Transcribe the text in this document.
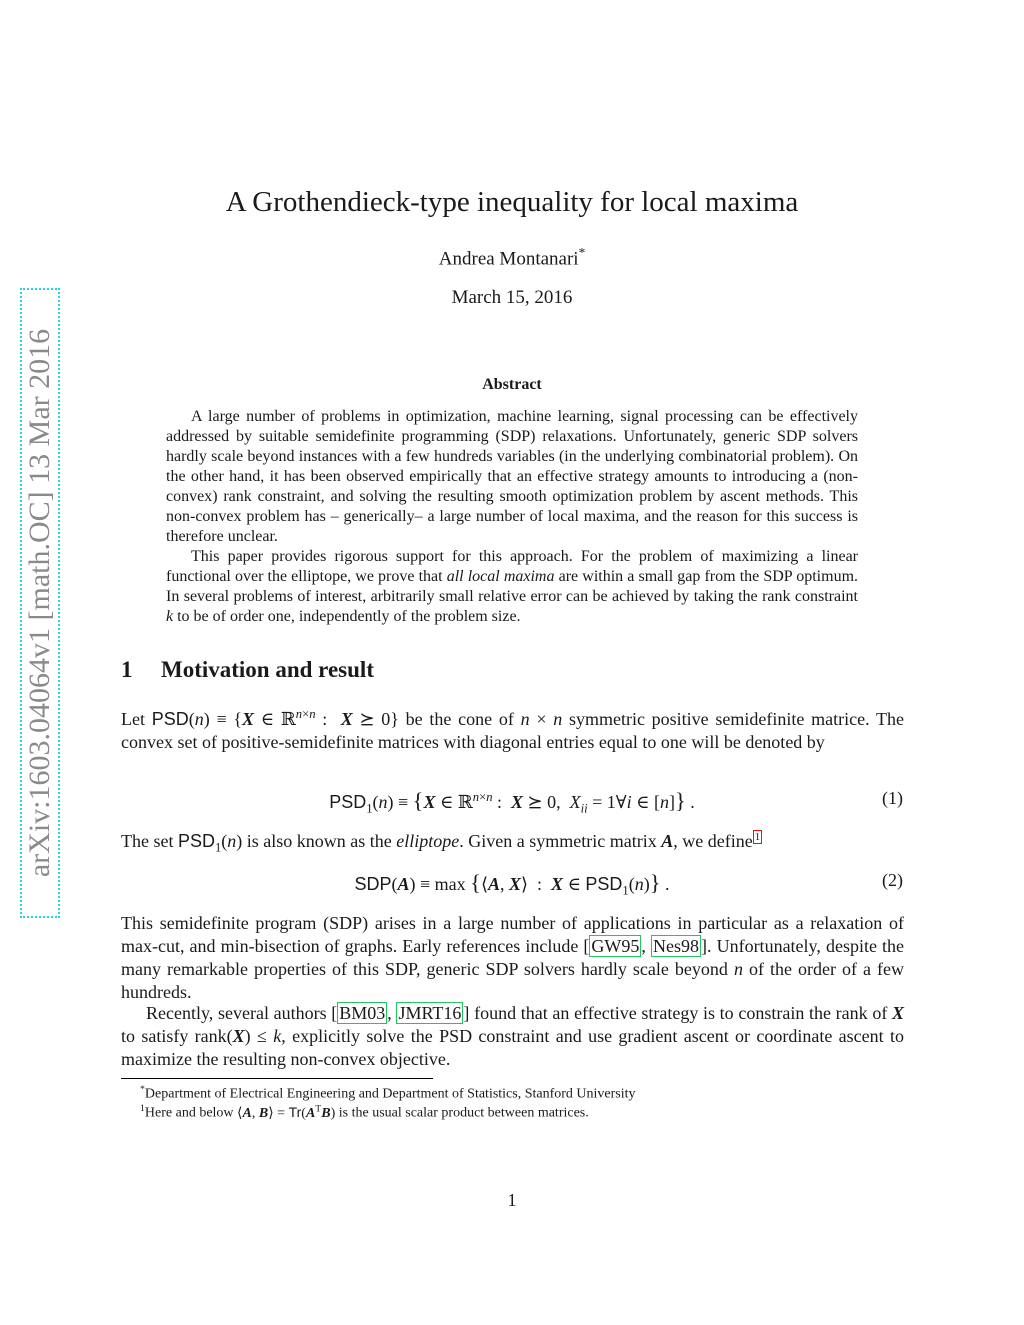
arXiv:1603.04064v1 [math.OC] 13 Mar 2016
A Grothendieck-type inequality for local maxima
Andrea Montanari*
March 15, 2016
Abstract
A large number of problems in optimization, machine learning, signal processing can be effectively addressed by suitable semidefinite programming (SDP) relaxations. Unfortunately, generic SDP solvers hardly scale beyond instances with a few hundreds variables (in the underlying combinatorial problem). On the other hand, it has been observed empirically that an effective strategy amounts to introducing a (non-convex) rank constraint, and solving the resulting smooth optimization problem by ascent methods. This non-convex problem has – generically– a large number of local maxima, and the reason for this success is therefore unclear.
This paper provides rigorous support for this approach. For the problem of maximizing a linear functional over the elliptope, we prove that all local maxima are within a small gap from the SDP optimum. In several problems of interest, arbitrarily small relative error can be achieved by taking the rank constraint k to be of order one, independently of the problem size.
1 Motivation and result
Let PSD(n) ≡ {X ∈ ℝ$^{n\times n}$ :  X ⪰ 0} be the cone of n × n symmetric positive semidefinite matrice. The convex set of positive-semidefinite matrices with diagonal entries equal to one will be denoted by
$PSD_1(n) \equiv \{X$ ∈ ℝ$^{n\times n}$ :  X ⪰ 0,  $X_{ii}$ = 1∀i ∈ [n]} .	(1)
The set $PSD_1(n)$ is also known as the elliptope. Given a symmetric matrix A, we define $^1$
SDP(A) ≡ max {⟨A, X⟩  :  X ∈ $PSD_1(n)$} .	(2)
This semidefinite program (SDP) arises in a large number of applications in particular as a relaxation of max-cut, and min-bisection of graphs. Early references include [ GW95 , Nes98 ]. Unfortunately, despite the many remarkable properties of this SDP, generic SDP solvers hardly scale beyond n of the order of a few hundreds.
Recently, several authors [ BM03 , JMRT16 ] found that an effective strategy is to constrain the rank of X to satisfy rank(X) ≤ k, explicitly solve the PSD constraint and use gradient ascent or coordinate ascent to maximize the resulting non-convex objective.
*Department of Electrical Engineering and Department of Statistics, Stanford University
$^1$Here and below ⟨A, B⟩ = $Tr(A^TB)$ is the usual scalar product between matrices.
1
